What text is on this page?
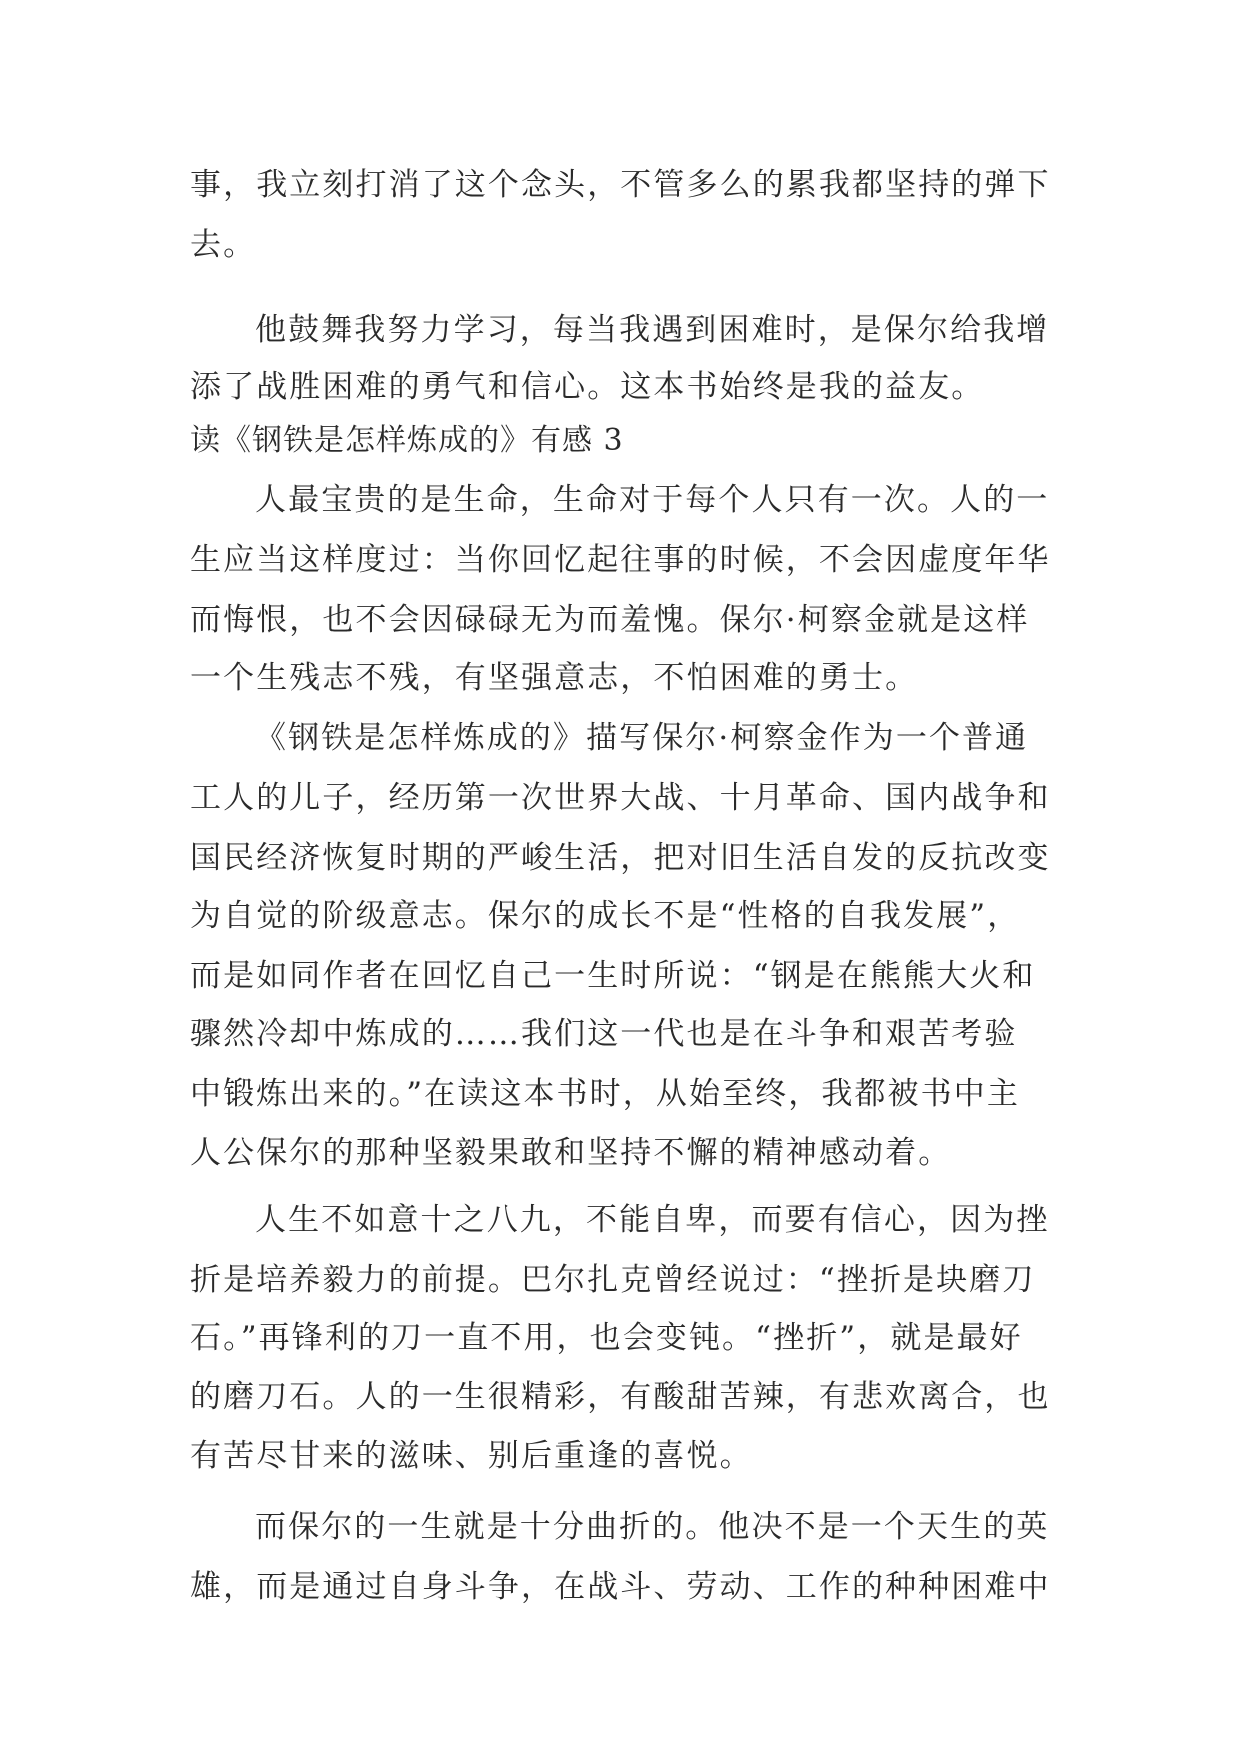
事，我立刻打消了这个念头，不管多么的累我都坚持的弹下
去。
他鼓舞我努力学习，每当我遇到困难时，是保尔给我增
添了战胜困难的勇气和信心。这本书始终是我的益友。
读《钢铁是怎样炼成的》有感 3
人最宝贵的是生命，生命对于每个人只有一次。人的一
生应当这样度过：当你回忆起往事的时候，不会因虚度年华
而悔恨，也不会因碌碌无为而羞愧。保尔·柯察金就是这样
一个生残志不残，有坚强意志，不怕困难的勇士。
《钢铁是怎样炼成的》描写保尔·柯察金作为一个普通
工人的儿子，经历第一次世界大战、十月革命、国内战争和
国民经济恢复时期的严峻生活，把对旧生活自发的反抗改变
为自觉的阶级意志。保尔的成长不是“性格的自我发展”，
而是如同作者在回忆自己一生时所说：“钢是在熊熊大火和
骤然冷却中炼成的……我们这一代也是在斗争和艰苦考验
中锻炼出来的。”在读这本书时，从始至终，我都被书中主
人公保尔的那种坚毅果敢和坚持不懈的精神感动着。
人生不如意十之八九，不能自卑，而要有信心，因为挫
折是培养毅力的前提。巴尔扎克曾经说过：“挫折是块磨刀
石。”再锋利的刀一直不用，也会变钝。“挫折”，就是最好
的磨刀石。人的一生很精彩，有酸甜苦辣，有悲欢离合，也
有苦尽甘来的滋味、别后重逢的喜悦。
而保尔的一生就是十分曲折的。他决不是一个天生的英
雄，而是通过自身斗争，在战斗、劳动、工作的种种困难中
